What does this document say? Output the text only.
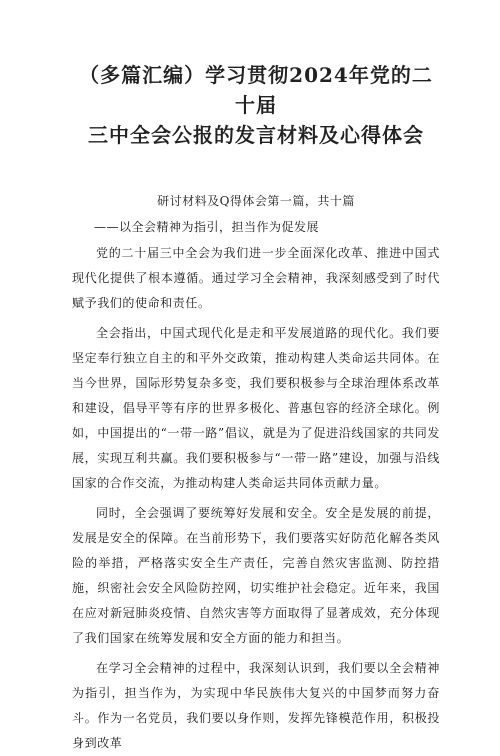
（多篇汇编）学习贯彻2024年党的二十届
三中全会公报的发言材料及心得体会
研讨材料及Q得体会第一篇，共十篇
——以全会精神为指引，担当作为促发展

党的二十届三中全会为我们进一步全面深化改革、推进中国式现代化提供了根本遵循。通过学习全会精神，我深刻感受到了时代赋予我们的使命和责任。

全会指出，中国式现代化是走和平发展道路的现代化。我们要坚定奉行独立自主的和平外交政策，推动构建人类命运共同体。在当今世界，国际形势复杂多变，我们要积极参与全球治理体系改革和建设，倡导平等有序的世界多极化、普惠包容的经济全球化。例如，中国提出的“一带一路”倡议，就是为了促进沿线国家的共同发展，实现互利共赢。我们要积极参与“一带一路”建设，加强与沿线国家的合作交流，为推动构建人类命运共同体贡献力量。

同时，全会强调了要统筹好发展和安全。安全是发展的前提，发展是安全的保障。在当前形势下，我们要落实好防范化解各类风险的举措，严格落实安全生产责任，完善自然灾害监测、防控措施，织密社会安全风险防控网，切实维护社会稳定。近年来，我国在应对新冠肺炎疫情、自然灾害等方面取得了显著成效，充分体现了我们国家在统筹发展和安全方面的能力和担当。

在学习全会精神的过程中，我深刻认识到，我们要以全会精神为指引，担当作为，为实现中华民族伟大复兴的中国梦而努力奋斗。作为一名党员，我们要以身作则，发挥先锋模范作用，积极投身到改革
